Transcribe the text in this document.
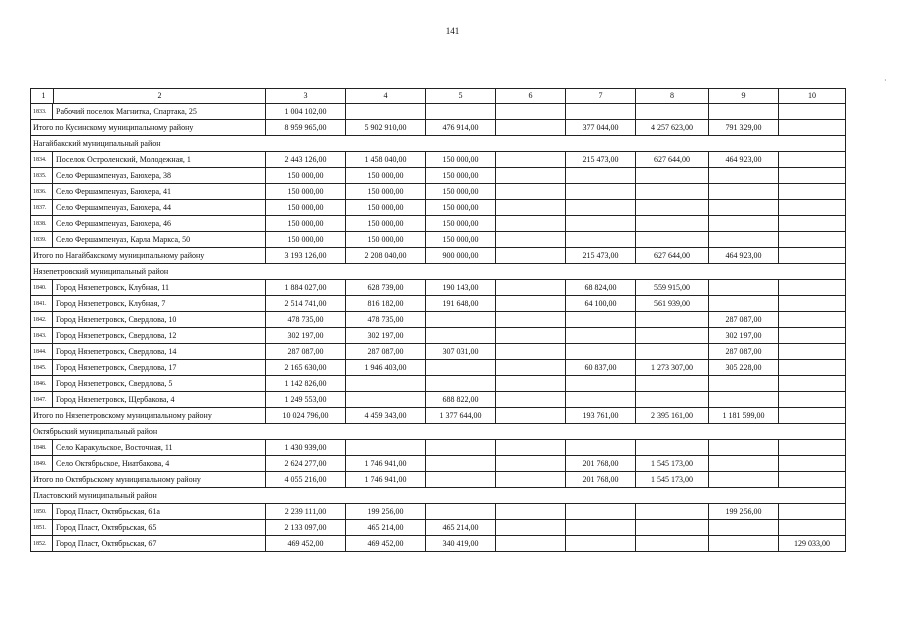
141
·
1 2	3	4	5	6	7	8	9	10
1833. Рабочий поселок Магнитка, Спартака, 25	1 004 102,00							
Итого по Кусинскому муниципальному району	8 959 965,00	5 902 910,00	476 914,00		377 044,00	4 257 623,00	791 329,00	
Нагайбакский муниципальный район								
1834. Поселок Остроленский, Молодежная, 1	2 443 126,00	1 458 040,00	150 000,00		215 473,00	627 644,00	464 923,00	
1835. Село Фершампенуаз, Баюхера, 38	150 000,00	150 000,00	150 000,00					
1836. Село Фершампенуаз, Баюхера, 41	150 000,00	150 000,00	150 000,00					
1837. Село Фершампенуаз, Баюхера, 44	150 000,00	150 000,00	150 000,00					
1838. Село Фершампенуаз, Баюхера, 46	150 000,00	150 000,00	150 000,00					
1839. Село Фершампенуаз, Карла Маркса, 50	150 000,00	150 000,00	150 000,00					
Итого по Нагайбакскому муниципальному району	3 193 126,00	2 208 040,00	900 000,00		215 473,00	627 644,00	464 923,00	
Нязепетровский муниципальный район								
1840. Город Нязепетровск, Клубная, 11	1 884 027,00	628 739,00	190 143,00		68 824,00	559 915,00		
1841. Город Нязепетровск, Клубная, 7	2 514 741,00	816 182,00	191 648,00		64 100,00	561 939,00		
1842. Город Нязепетровск, Свердлова, 10	478 735,00	478 735,00					287 087,00	
1843. Город Нязепетровск, Свердлова, 12	302 197,00	302 197,00					302 197,00	
1844. Город Нязепетровск, Свердлова, 14	287 087,00	287 087,00	307 031,00				287 087,00	
1845. Город Нязепетровск, Свердлова, 17	2 165 630,00	1 946 403,00			60 837,00	1 273 307,00	305 228,00	
1846. Город Нязепетровск, Свердлова, 5	1 142 826,00							
1847. Город Нязепетровск, Щербакова, 4	1 249 553,00		688 822,00					
Итого по Нязепетровскому муниципальному району	10 024 796,00	4 459 343,00	1 377 644,00		193 761,00	2 395 161,00	1 181 599,00	
Октябрьский муниципальный район								
1848. Село Каракульское, Восточная, 11	1 430 939,00							
1849. Село Октябрьское, Ниатбакова, 4	2 624 277,00	1 746 941,00			201 768,00	1 545 173,00		
Итого по Октябрьскому муниципальному району	4 055 216,00	1 746 941,00			201 768,00	1 545 173,00		
Пластовский муниципальный район								
1850. Город Пласт, Октябрьская, 61а	2 239 111,00	199 256,00					199 256,00	
1851. Город Пласт, Октябрьская, 65	2 133 097,00	465 214,00	465 214,00					
1852. Город Пласт, Октябрьская, 67	469 452,00	469 452,00	340 419,00					129 033,00
